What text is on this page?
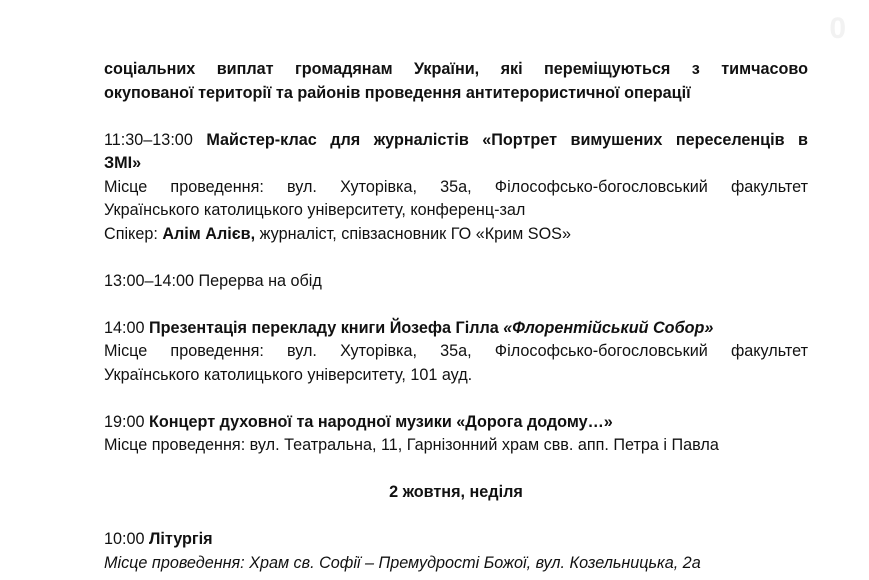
0
соціальних виплат громадянам України, які переміщуються з тимчасово
окупованої території та районів проведення антитерористичної операції
11:30–13:00 Майстер-клас для журналістів «Портрет вимушених переселенців в
ЗМІ»
Місце проведення: вул. Хуторівка, 35а, Філософсько-богословський факультет
Українського католицького університету, конференц-зал
Спікер: Алім Алієв, журналіст, співзасновник ГО «Крим SOS»
13:00–14:00 Перерва на обід
14:00 Презентація перекладу книги Йозефа Гілла «Флорентійський Собор»
Місце проведення: вул. Хуторівка, 35а, Філософсько-богословський факультет
Українського католицького університету, 101 ауд.
19:00 Концерт духовної та народної музики «Дорога додому…»
Місце проведення: вул. Театральна, 11, Гарнізонний храм свв. апп. Петра і Павла
2 жовтня, неділя
10:00 Літургія
Місце проведення: Храм св. Софії – Премудрості Божої, вул. Козельницька, 2а
